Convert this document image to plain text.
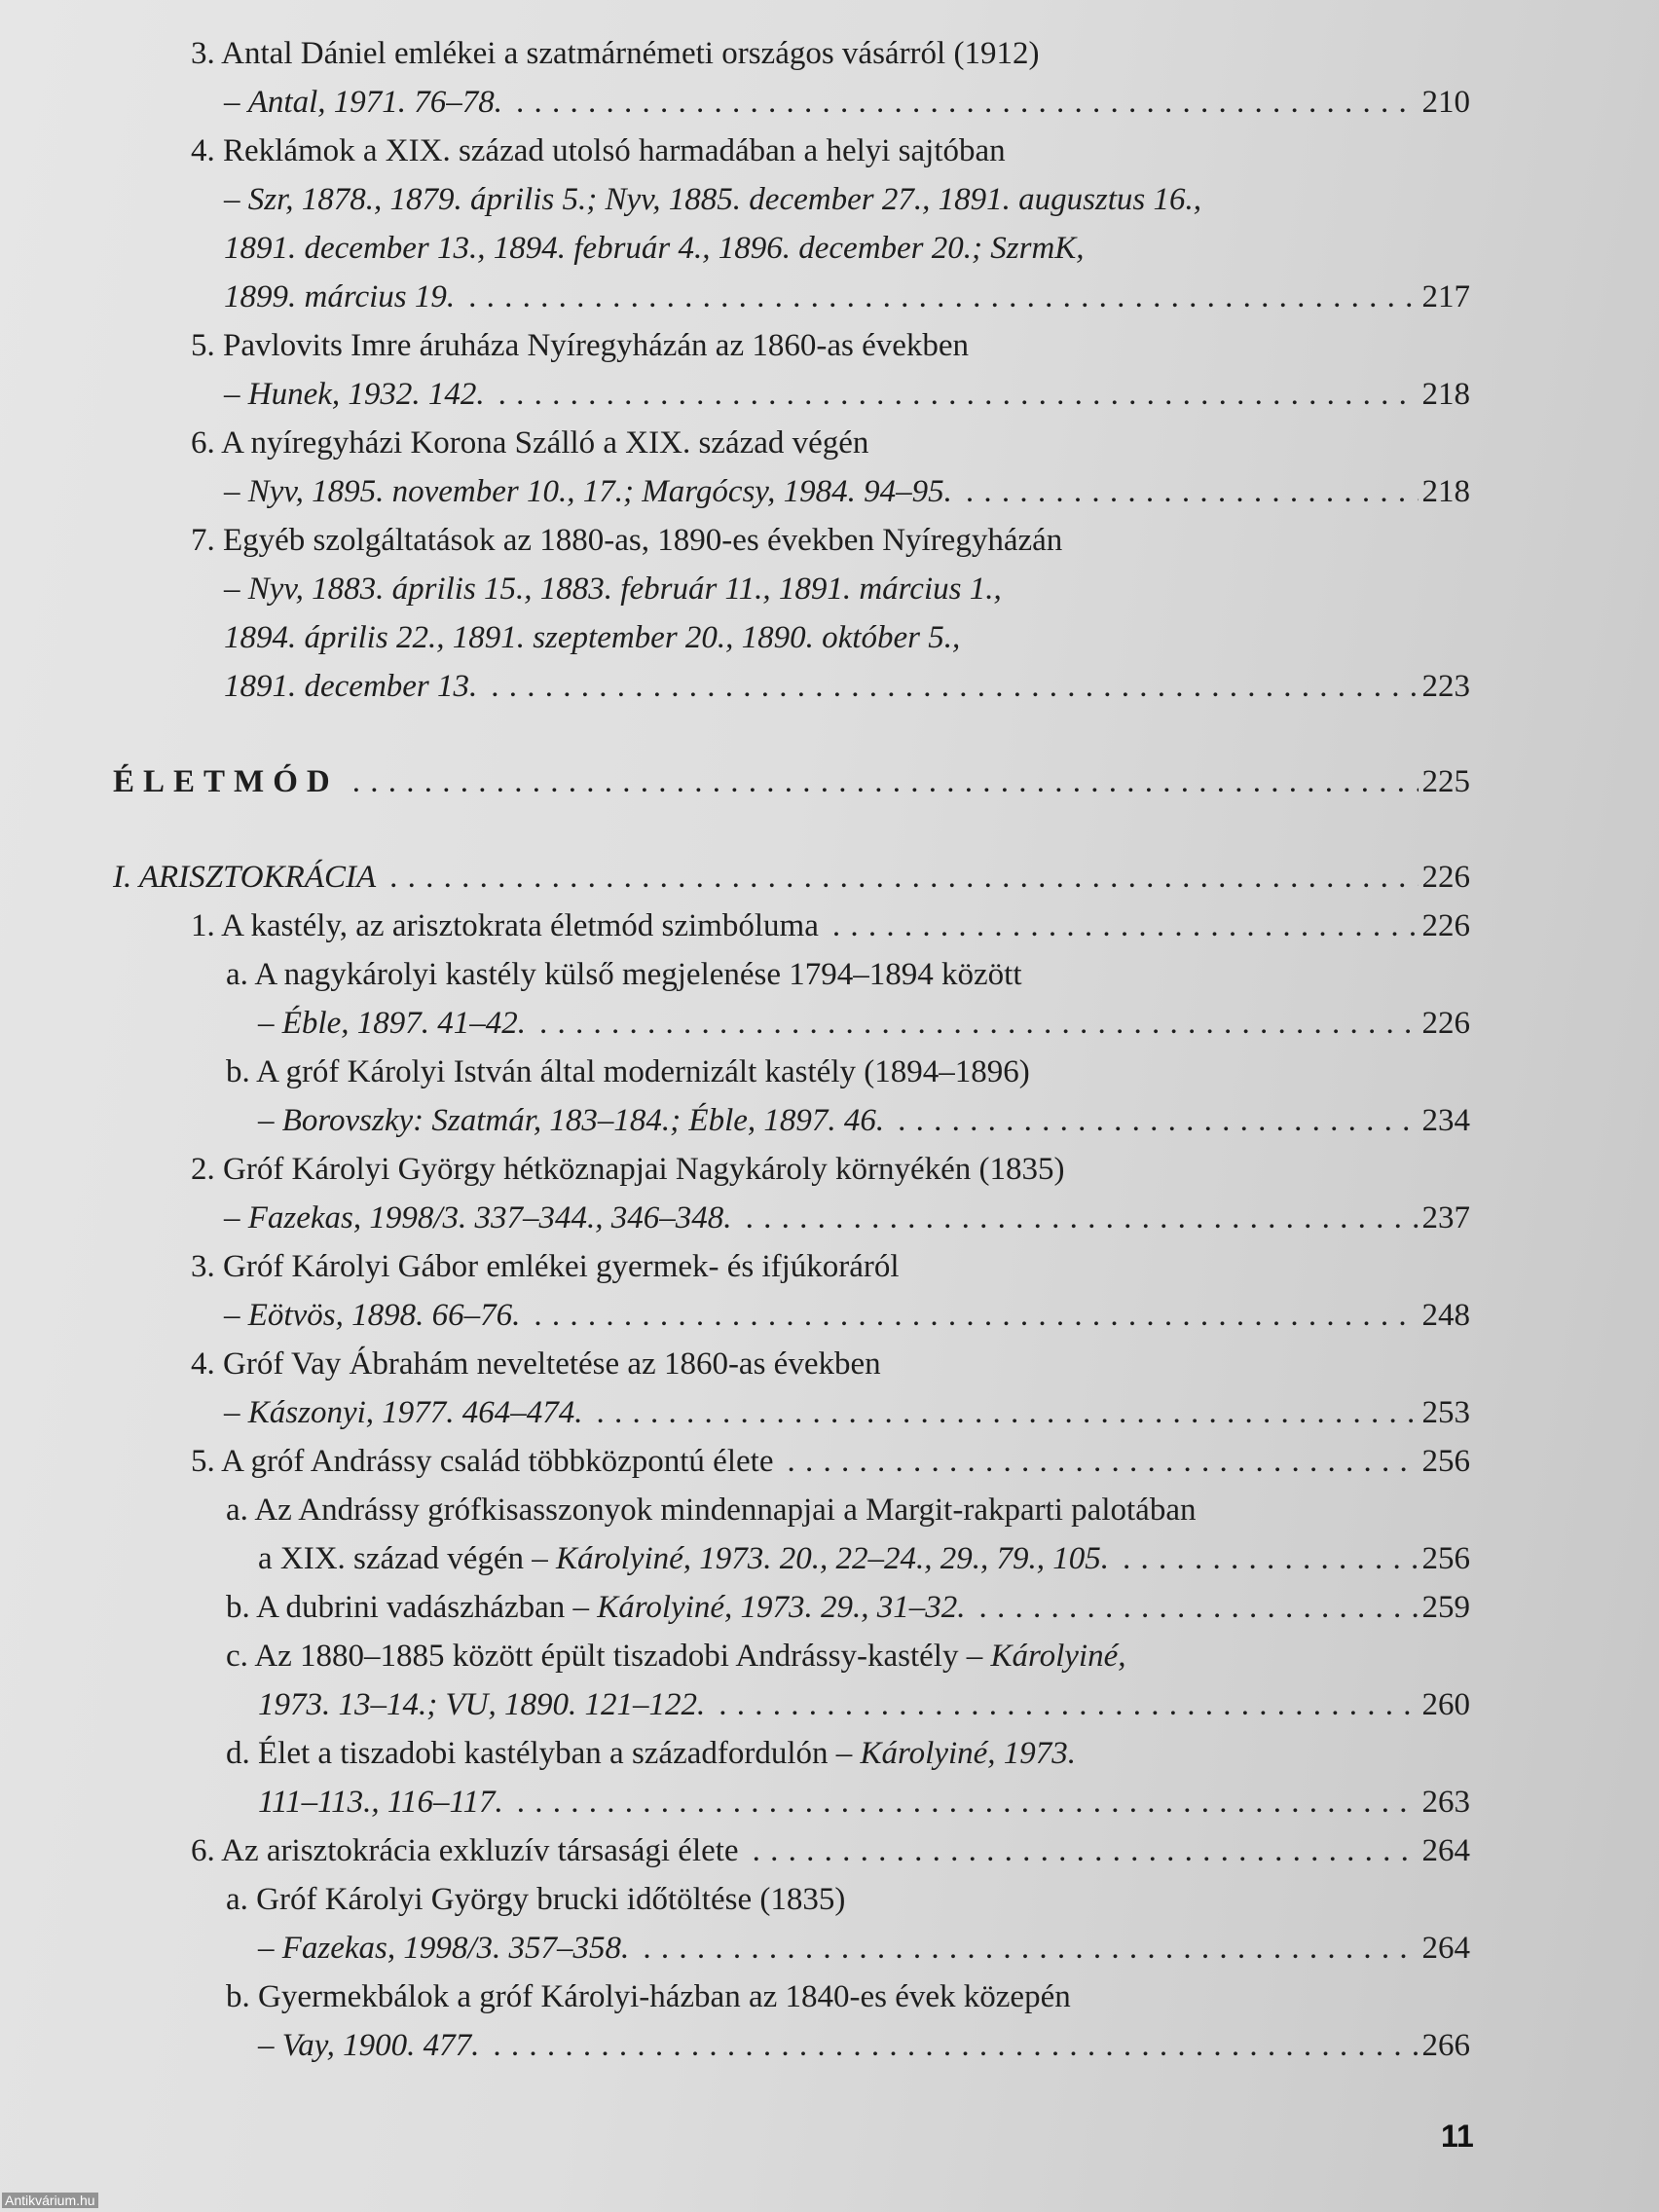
3. Antal Dániel emlékei a szatmárnémeti országos vásárról (1912)
– Antal, 1971. 76–78. . . .	210
4. Reklámok a XIX. század utolsó harmadában a helyi sajtóban
– Szr, 1878., 1879. április 5.; Nyv, 1885. december 27., 1891. augusztus 16.,
1891. december 13., 1894. február 4., 1896. december 20.; SzrmK,
1899. március 19. . . .	217
5. Pavlovits Imre áruháza Nyíregyházán az 1860-as években
– Hunek, 1932. 142. . . .	218
6. A nyíregyházi Korona Szálló a XIX. század végén
– Nyv, 1895. november 10., 17.; Margócsy, 1984. 94–95. . . .	218
7. Egyéb szolgáltatások az 1880-as, 1890-es években Nyíregyházán
– Nyv, 1883. április 15., 1883. február 11., 1891. március 1.,
1894. április 22., 1891. szeptember 20., 1890. október 5.,
1891. december 13. . . .	223
ÉLETMÓD . . .	225
I. ARISZTOKRÁCIA . . .	226
1. A kastély, az arisztokrata életmód szimbóluma . . .	226
a. A nagykárolyi kastély külső megjelenése 1794–1894 között
– Éble, 1897. 41–42. . . .	226
b. A gróf Károlyi István által modernizált kastély (1894–1896)
– Borovszky: Szatmár, 183–184.; Éble, 1897. 46. . . .	234
2. Gróf Károlyi György hétköznapjai Nagykároly környékén (1835)
– Fazekas, 1998/3. 337–344., 346–348. . . .	237
3. Gróf Károlyi Gábor emlékei gyermek- és ifjúkoráról
– Eötvös, 1898. 66–76. . . .	248
4. Gróf Vay Ábrahám neveltetése az 1860-as években
– Kászonyi, 1977. 464–474. . . .	253
5. A gróf Andrássy család többközpontú élete . . .	256
a. Az Andrássy grófkisasszonyok mindennapjai a Margit-rakparti palotában
a XIX. század végén – Károlyiné, 1973. 20., 22–24., 29., 79., 105. . . .	256
b. A dubrini vadászházban – Károlyiné, 1973. 29., 31–32. . . .	259
c. Az 1880–1885 között épült tiszadobi Andrássy-kastély – Károlyiné,
1973. 13–14.; VU, 1890. 121–122. . . .	260
d. Élet a tiszadobi kastélyban a századfordulón – Károlyiné, 1973.
111–113., 116–117. . . .	263
6. Az arisztokrácia exkluzív társasági élete . . .	264
a. Gróf Károlyi György brucki időtöltése (1835)
– Fazekas, 1998/3. 357–358. . . .	264
b. Gyermekbálok a gróf Károlyi-házban az 1840-es évek közepén
– Vay, 1900. 477. . . .	266
11
Antikvárium.hu
